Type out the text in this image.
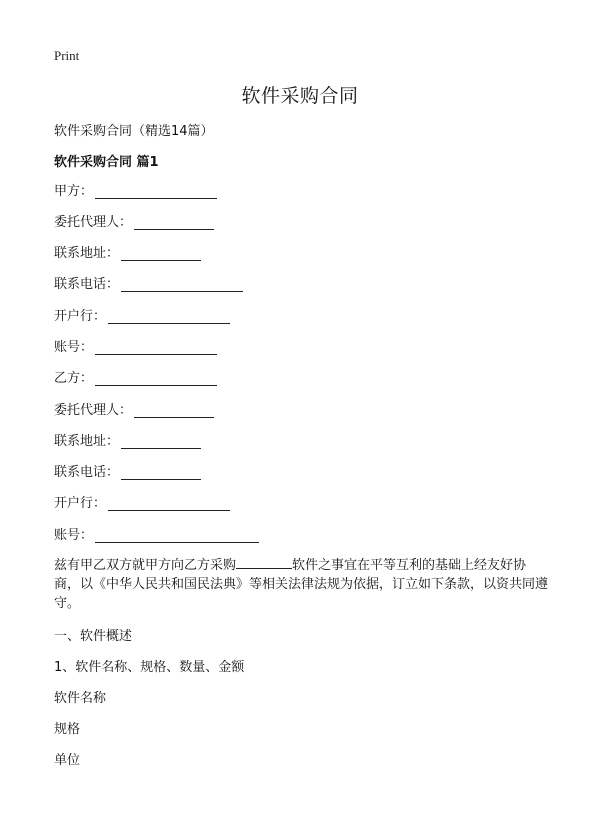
Print
软件采购合同
软件采购合同（精选14篇）
软件采购合同 篇1
甲方：
委托代理人：
联系地址：
联系电话：
开户行：
账号：
乙方：
委托代理人：
联系地址：
联系电话：
开户行：
账号：
兹有甲乙双方就甲方向乙方采购	软件之事宜在平等互利的基础上经友好协商，以《中华人民共和国民法典》等相关法律法规为依据，订立如下条款，以资共同遵守。
一、软件概述
1、软件名称、规格、数量、金额
软件名称
规格
单位
